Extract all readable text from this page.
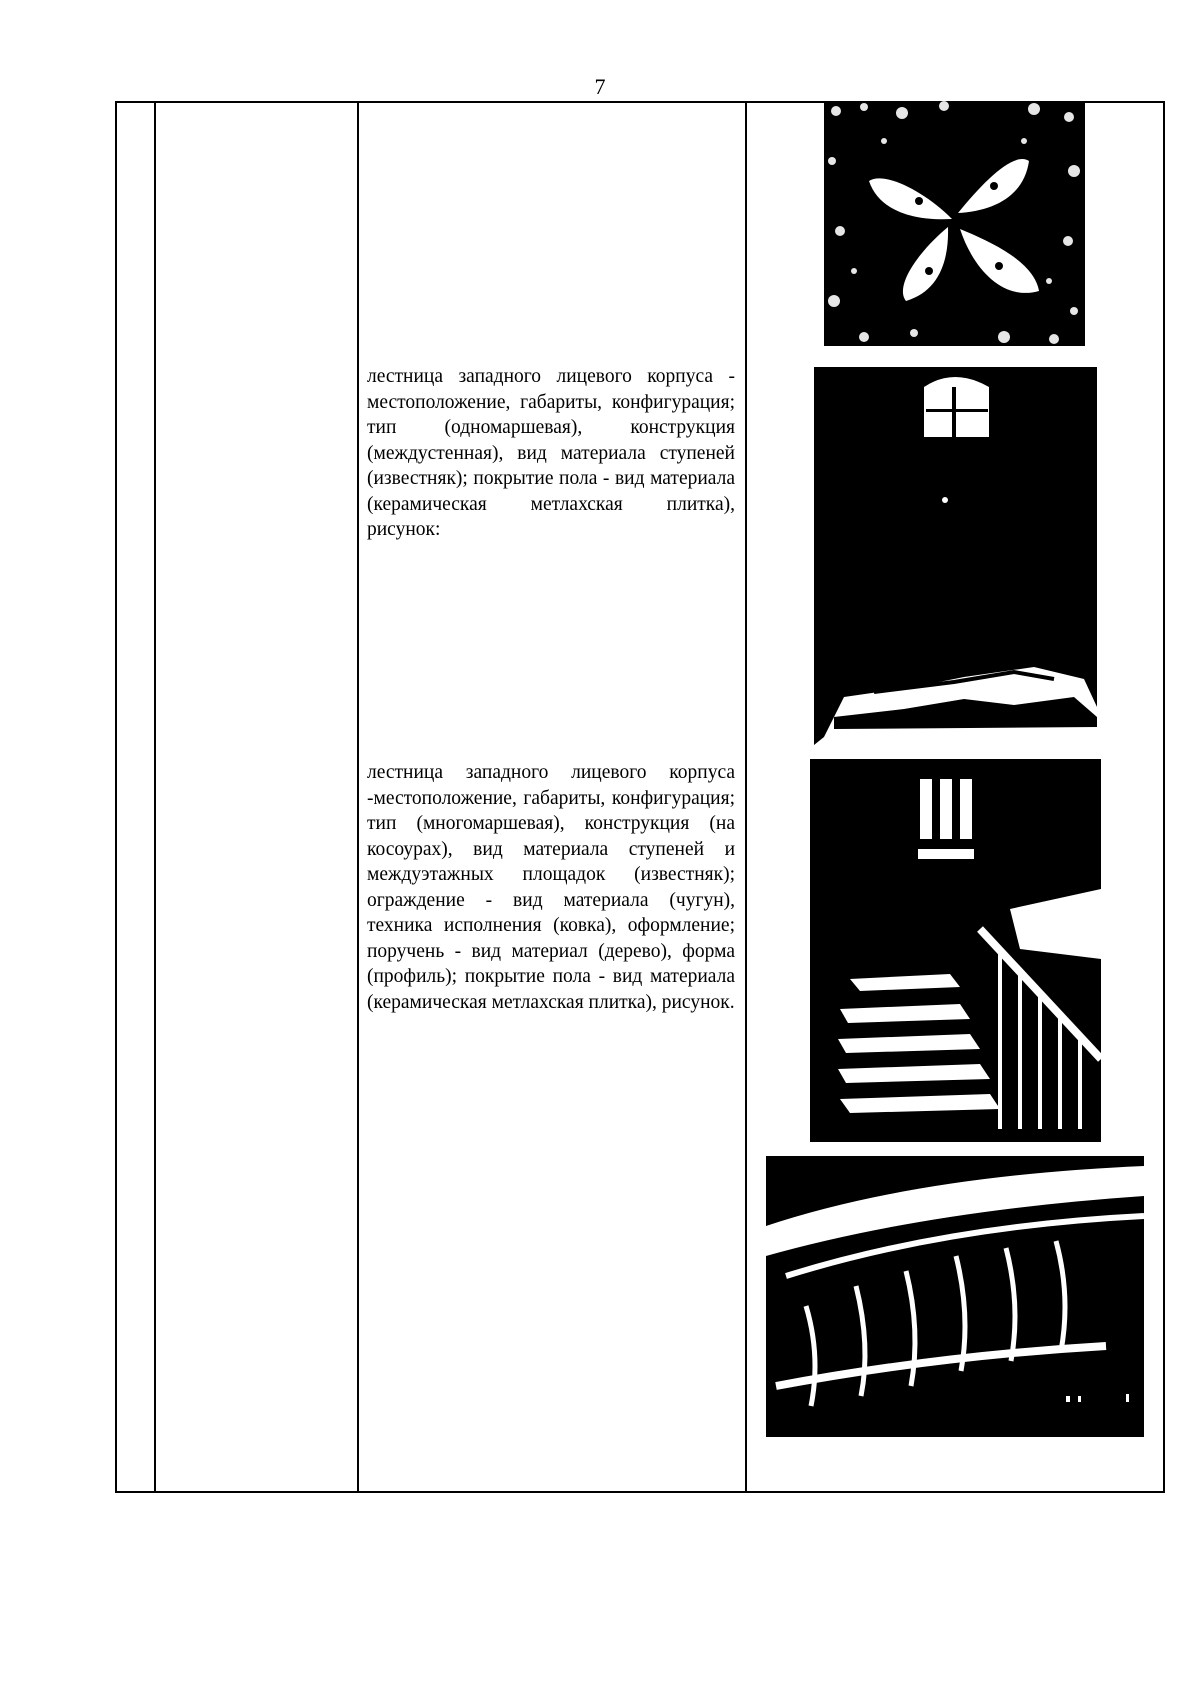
7

лестница западного лицевого корпуса - местоположение, габариты, конфигурация; тип (одномаршевая), конструкция (междустенная), вид материала ступеней (известняк); покрытие пола - вид материала (керамическая метлахская плитка), рисунок:

лестница западного лицевого корпуса -местоположение, габариты, конфигурация; тип (многомаршевая), конструкция (на косоурах), вид материала ступеней и междуэтажных площадок (известняк); ограждение - вид материала (чугун), техника исполнения (ковка), оформление; поручень - вид материал (дерево), форма (профиль); покрытие пола - вид материала (керамическая метлахская плитка), рисунок.
